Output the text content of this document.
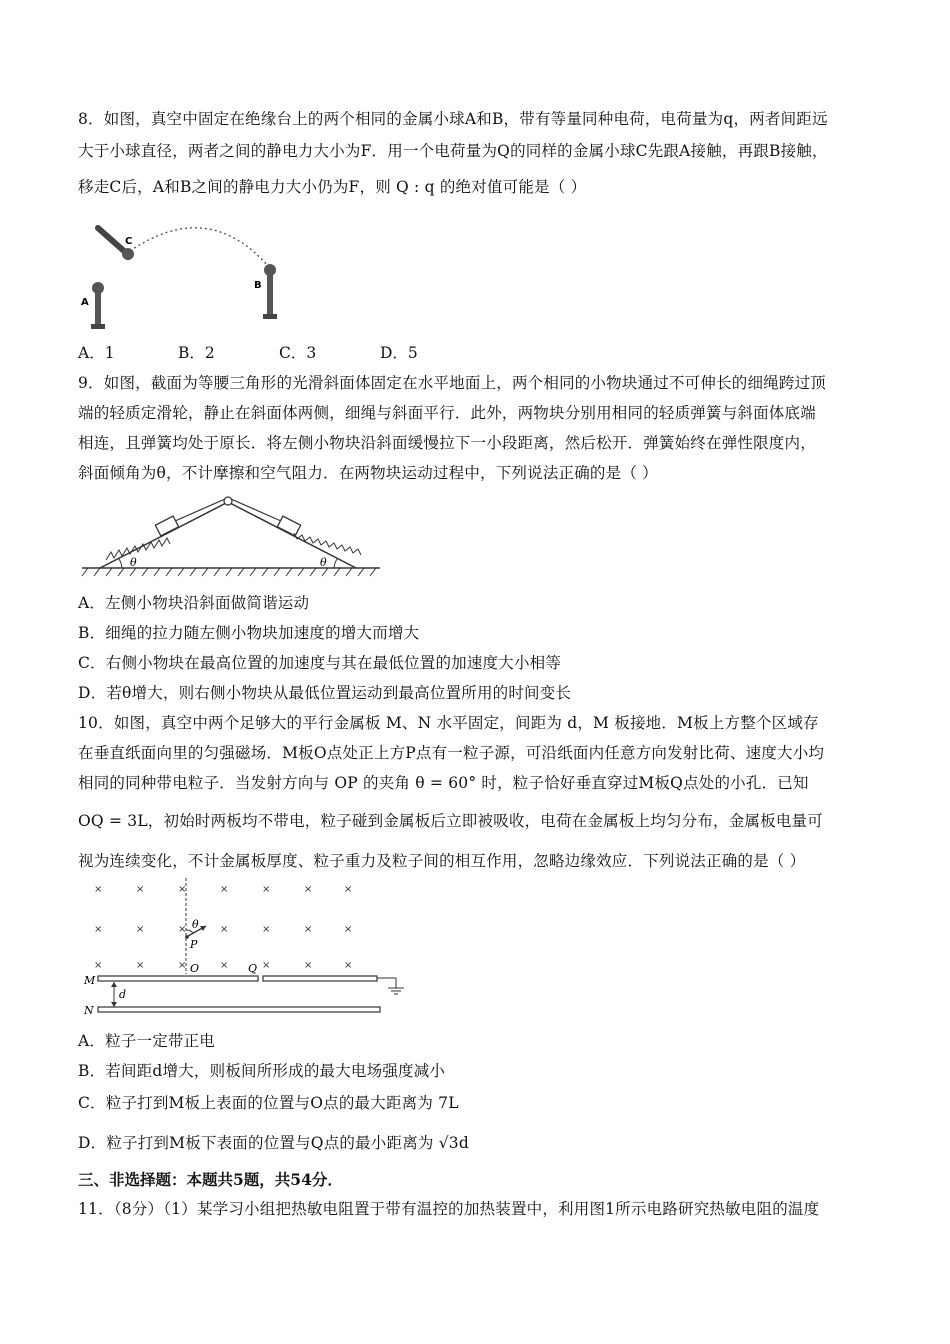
8．如图，真空中固定在绝缘台上的两个相同的金属小球A和B，带有等量同种电荷，电荷量为q，两者间距远
大于小球直径，两者之间的静电力大小为F．用一个电荷量为Q的同样的金属小球C先跟A接触，再跟B接触，
移走C后，A和B之间的静电力大小仍为F，则 Q : q 的绝对值可能是（ ）
C
A
B
A．1	B．2	C．3	D．5
9．如图，截面为等腰三角形的光滑斜面体固定在水平地面上，两个相同的小物块通过不可伸长的细绳跨过顶
端的轻质定滑轮，静止在斜面体两侧，细绳与斜面平行．此外，两物块分别用相同的轻质弹簧与斜面体底端
相连，且弹簧均处于原长．将左侧小物块沿斜面缓慢拉下一小段距离，然后松开．弹簧始终在弹性限度内，
斜面倾角为θ，不计摩擦和空气阻力．在两物块运动过程中，下列说法正确的是（ ）
θ	θ
A．左侧小物块沿斜面做简谐运动
B．细绳的拉力随左侧小物块加速度的增大而增大
C．右侧小物块在最高位置的加速度与其在最低位置的加速度大小相等
D．若θ增大，则右侧小物块从最低位置运动到最高位置所用的时间变长
10．如图，真空中两个足够大的平行金属板 M、N 水平固定，间距为 d，M 板接地．M板上方整个区域存
在垂直纸面向里的匀强磁场．M板O点处正上方P点有一粒子源，可沿纸面内任意方向发射比荷、速度大小均
相同的同种带电粒子．当发射方向与 OP 的夹角 θ = 60° 时，粒子恰好垂直穿过M板Q点处的小孔．已知
OQ = 3L，初始时两板均不带电，粒子碰到金属板后立即被吸收，电荷在金属板上均匀分布，金属板电量可
视为连续变化，不计金属板厚度、粒子重力及粒子间的相互作用，忽略边缘效应．下列说法正确的是（ ）
×	×	×	×	×	×	×
×	×	×	×	×	×	×
×	×	×	×	×	×	×
θ
P
O	Q
M
d
N
A．粒子一定带正电
B．若间距d增大，则板间所形成的最大电场强度减小
C．粒子打到M板上表面的位置与O点的最大距离为 7L
D．粒子打到M板下表面的位置与Q点的最小距离为 √3d
三、非选择题：本题共5题，共54分．
11．（8分）（1）某学习小组把热敏电阻置于带有温控的加热装置中，利用图1所示电路研究热敏电阻的温度
